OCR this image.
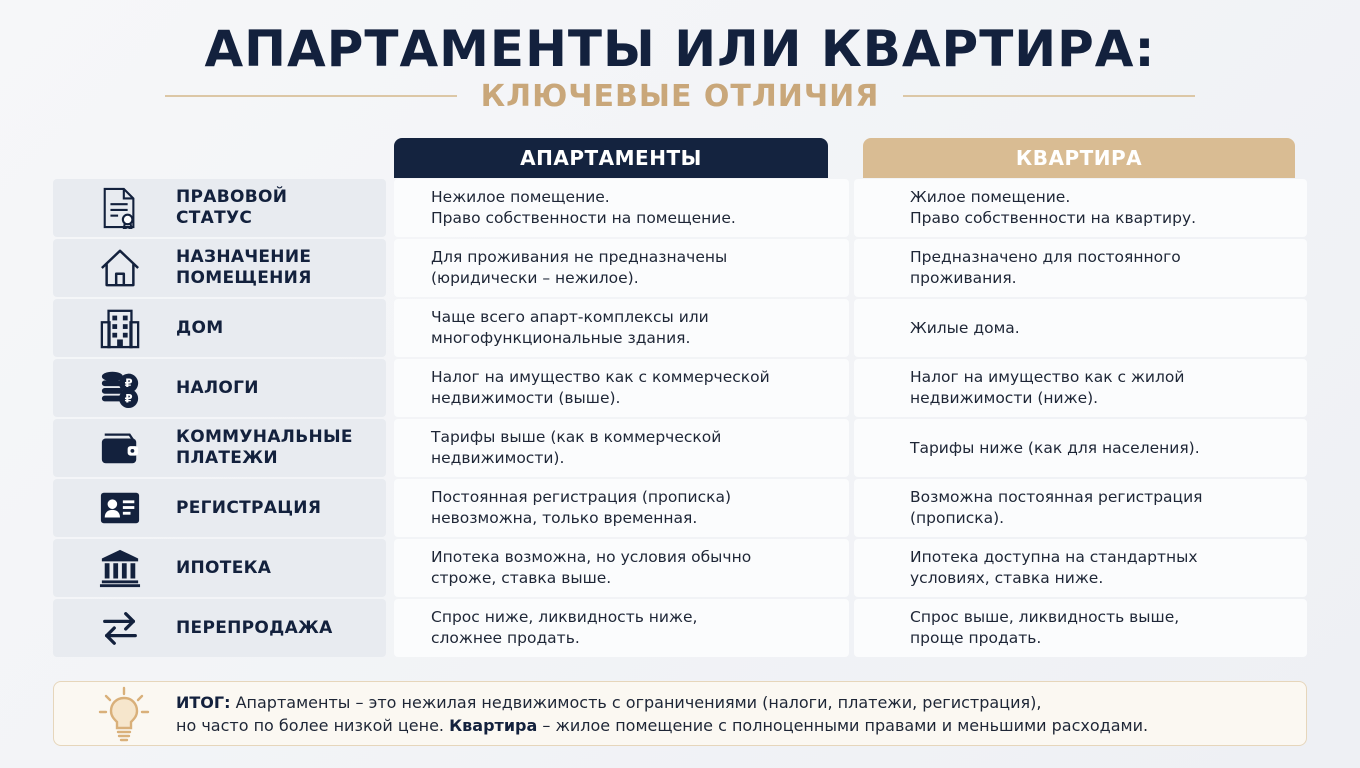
АПАРТАМЕНТЫ ИЛИ КВАРТИРА:
КЛЮЧЕВЫЕ ОТЛИЧИЯ
АПАРТАМЕНТЫ	КВАРТИРА
ПРАВОВОЙ
СТАТУС
Нежилое помещение.
Право собственности на помещение.
Жилое помещение.
Право собственности на квартиру.
НАЗНАЧЕНИЕ
ПОМЕЩЕНИЯ
Для проживания не предназначены
(юридически – нежилое).
Предназначено для постоянного
проживания.
ДОМ
Чаще всего апарт-комплексы или
многофункциональные здания.
Жилые дома.
₽
₽
НАЛОГИ
Налог на имущество как с коммерческой
недвижимости (выше).
Налог на имущество как с жилой
недвижимости (ниже).
КОММУНАЛЬНЫЕ
ПЛАТЕЖИ
Тарифы выше (как в коммерческой
недвижимости).
Тарифы ниже (как для населения).
РЕГИСТРАЦИЯ
Постоянная регистрация (прописка)
невозможна, только временная.
Возможна постоянная регистрация
(прописка).
ИПОТЕКА
Ипотека возможна, но условия обычно
строже, ставка выше.
Ипотека доступна на стандартных
условиях, ставка ниже.
ПЕРЕПРОДАЖА
Спрос ниже, ликвидность ниже,
сложнее продать.
Спрос выше, ликвидность выше,
проще продать.
ИТОГ: Апартаменты – это нежилая недвижимость с ограничениями (налоги, платежи, регистрация),
но часто по более низкой цене. Квартира – жилое помещение с полноценными правами и меньшими расходами.
